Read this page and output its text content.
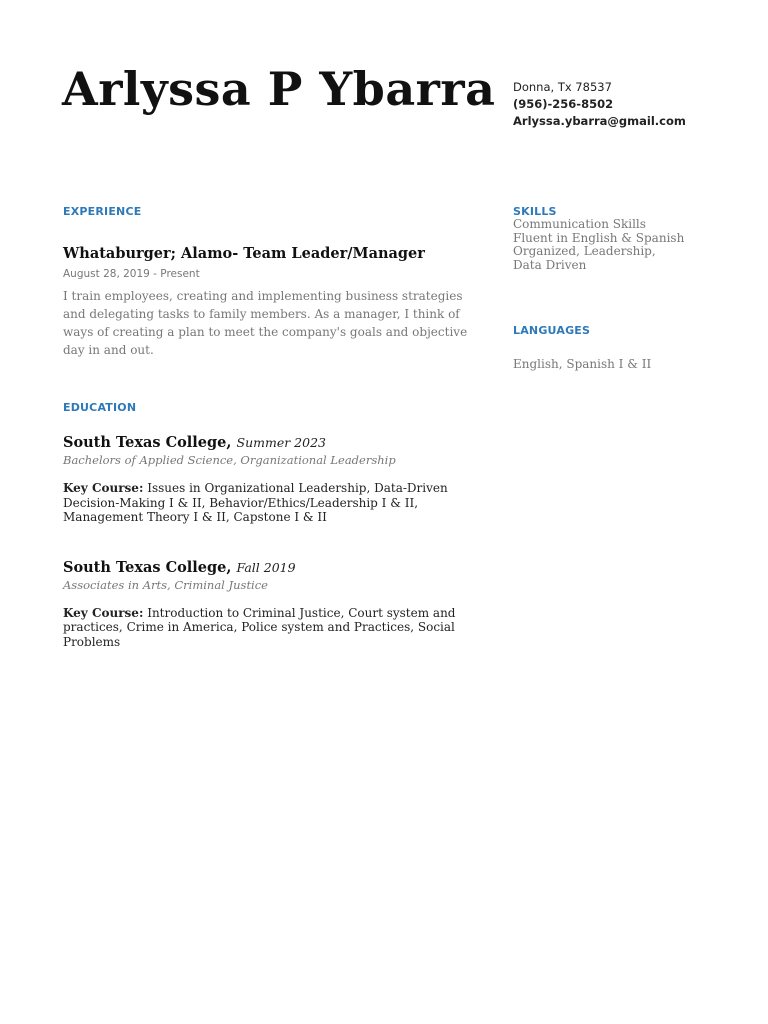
Arlyssa P Ybarra Donna, Tx 78537
(956)-256-8502
Arlyssa.ybarra@gmail.com
EXPERIENCE
Whataburger; Alamo- Team Leader/Manager
August 28, 2019 - Present
I train employees, creating and implementing business strategies and delegating tasks to family members. As a manager, I think of ways of creating a plan to meet the company's goals and objective day in and out.
EDUCATION
South Texas College, Summer 2023
Bachelors of Applied Science, Organizational Leadership
Key Course: Issues in Organizational Leadership, Data-Driven Decision-Making I & II, Behavior/Ethics/Leadership I & II, Management Theory I & II, Capstone I & II
South Texas College, Fall 2019
Associates in Arts, Criminal Justice
Key Course: Introduction to Criminal Justice, Court system and practices, Crime in America, Police system and Practices, Social Problems
SKILLS
Communication Skills
Fluent in English & Spanish
Organized, Leadership, Data Driven
LANGUAGES
English, Spanish I & II
